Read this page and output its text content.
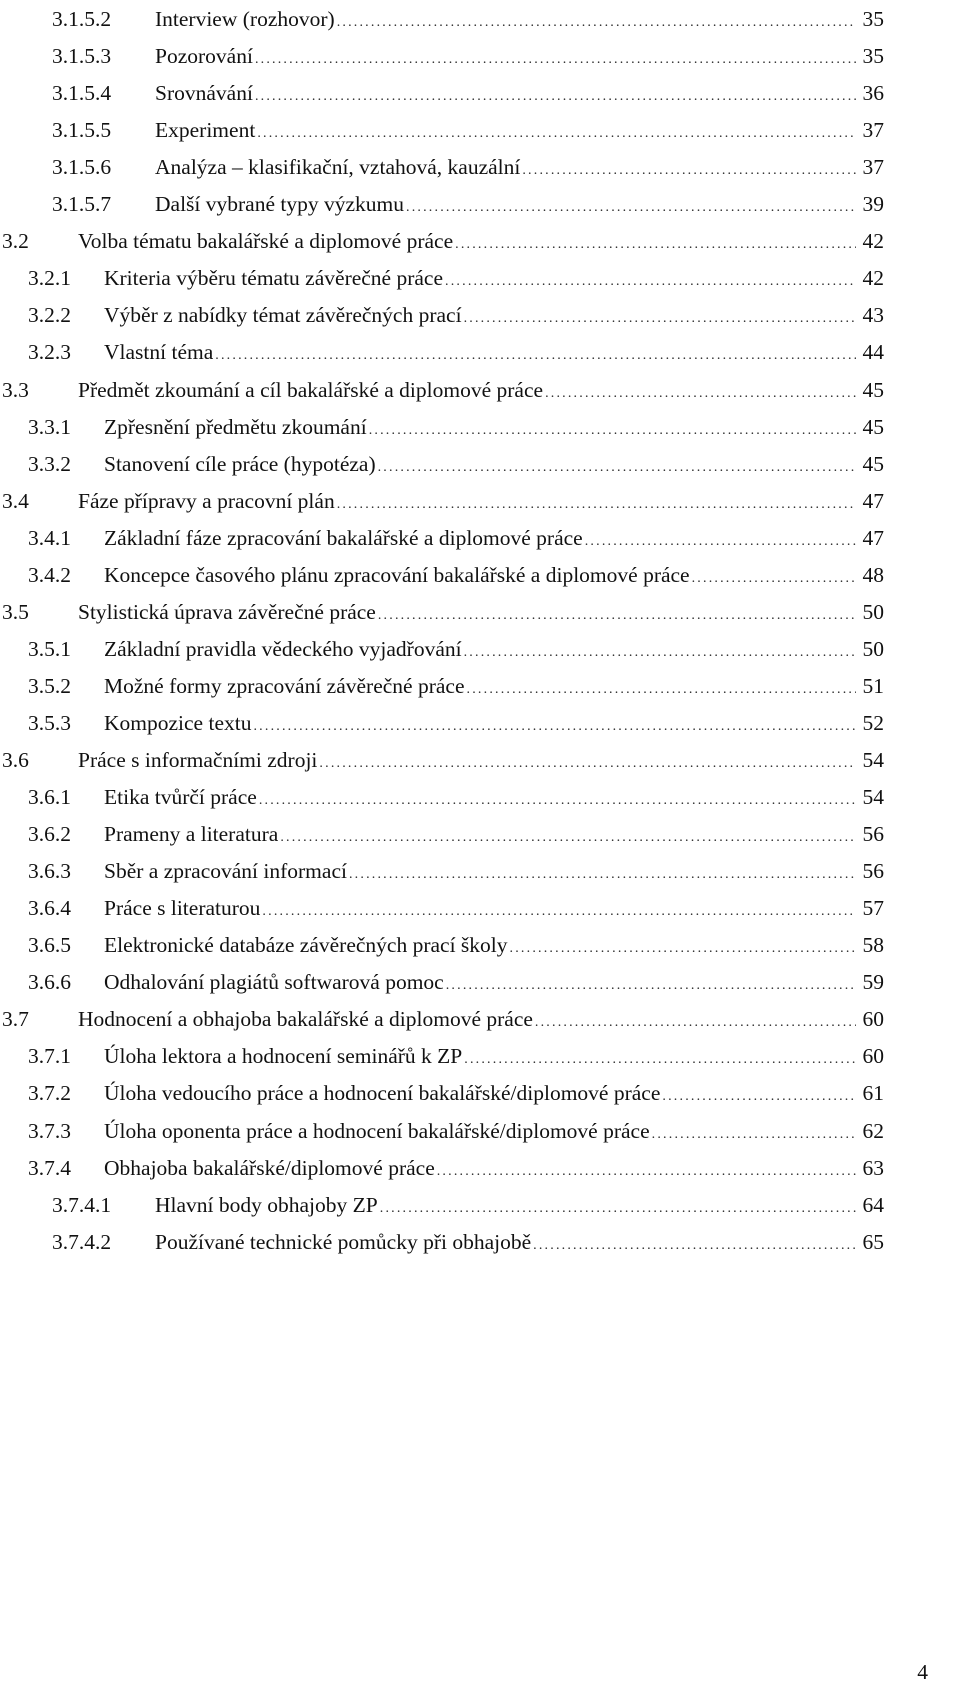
3.1.5.2 Interview (rozhovor) .....	35
3.1.5.3 Pozorování .....	35
3.1.5.4 Srovnávání .....	36
3.1.5.5 Experiment .....	37
3.1.5.6 Analýza – klasifikační, vztahová, kauzální .....	37
3.1.5.7 Další vybrané typy výzkumu .....	39
3.2 Volba tématu bakalářské a diplomové práce .....	42
3.2.1 Kriteria výběru tématu závěrečné práce .....	42
3.2.2 Výběr z nabídky témat závěrečných prací .....	43
3.2.3 Vlastní téma .....	44
3.3 Předmět zkoumání a cíl bakalářské a diplomové práce .....	45
3.3.1 Zpřesnění předmětu zkoumání .....	45
3.3.2 Stanovení cíle práce (hypotéza) .....	45
3.4 Fáze přípravy a pracovní plán .....	47
3.4.1 Základní fáze zpracování bakalářské a diplomové práce .....	47
3.4.2 Koncepce časového plánu zpracování bakalářské a diplomové práce .....	48
3.5 Stylistická úprava závěrečné práce .....	50
3.5.1 Základní pravidla vědeckého vyjadřování .....	50
3.5.2 Možné formy zpracování závěrečné práce .....	51
3.5.3 Kompozice textu .....	52
3.6 Práce s informačními zdroji .....	54
3.6.1 Etika tvůrčí práce .....	54
3.6.2 Prameny a literatura .....	56
3.6.3 Sběr a zpracování informací .....	56
3.6.4 Práce s literaturou .....	57
3.6.5 Elektronické databáze závěrečných prací školy .....	58
3.6.6 Odhalování plagiátů softwarová pomoc .....	59
3.7 Hodnocení a obhajoba bakalářské a diplomové práce .....	60
3.7.1 Úloha lektora a hodnocení seminářů k ZP .....	60
3.7.2 Úloha vedoucího práce a hodnocení bakalářské/diplomové práce .....	61
3.7.3 Úloha oponenta práce a hodnocení bakalářské/diplomové práce .....	62
3.7.4 Obhajoba bakalářské/diplomové práce .....	63
3.7.4.1 Hlavní body obhajoby ZP .....	64
3.7.4.2 Používané technické pomůcky při obhajobě .....	65
4
